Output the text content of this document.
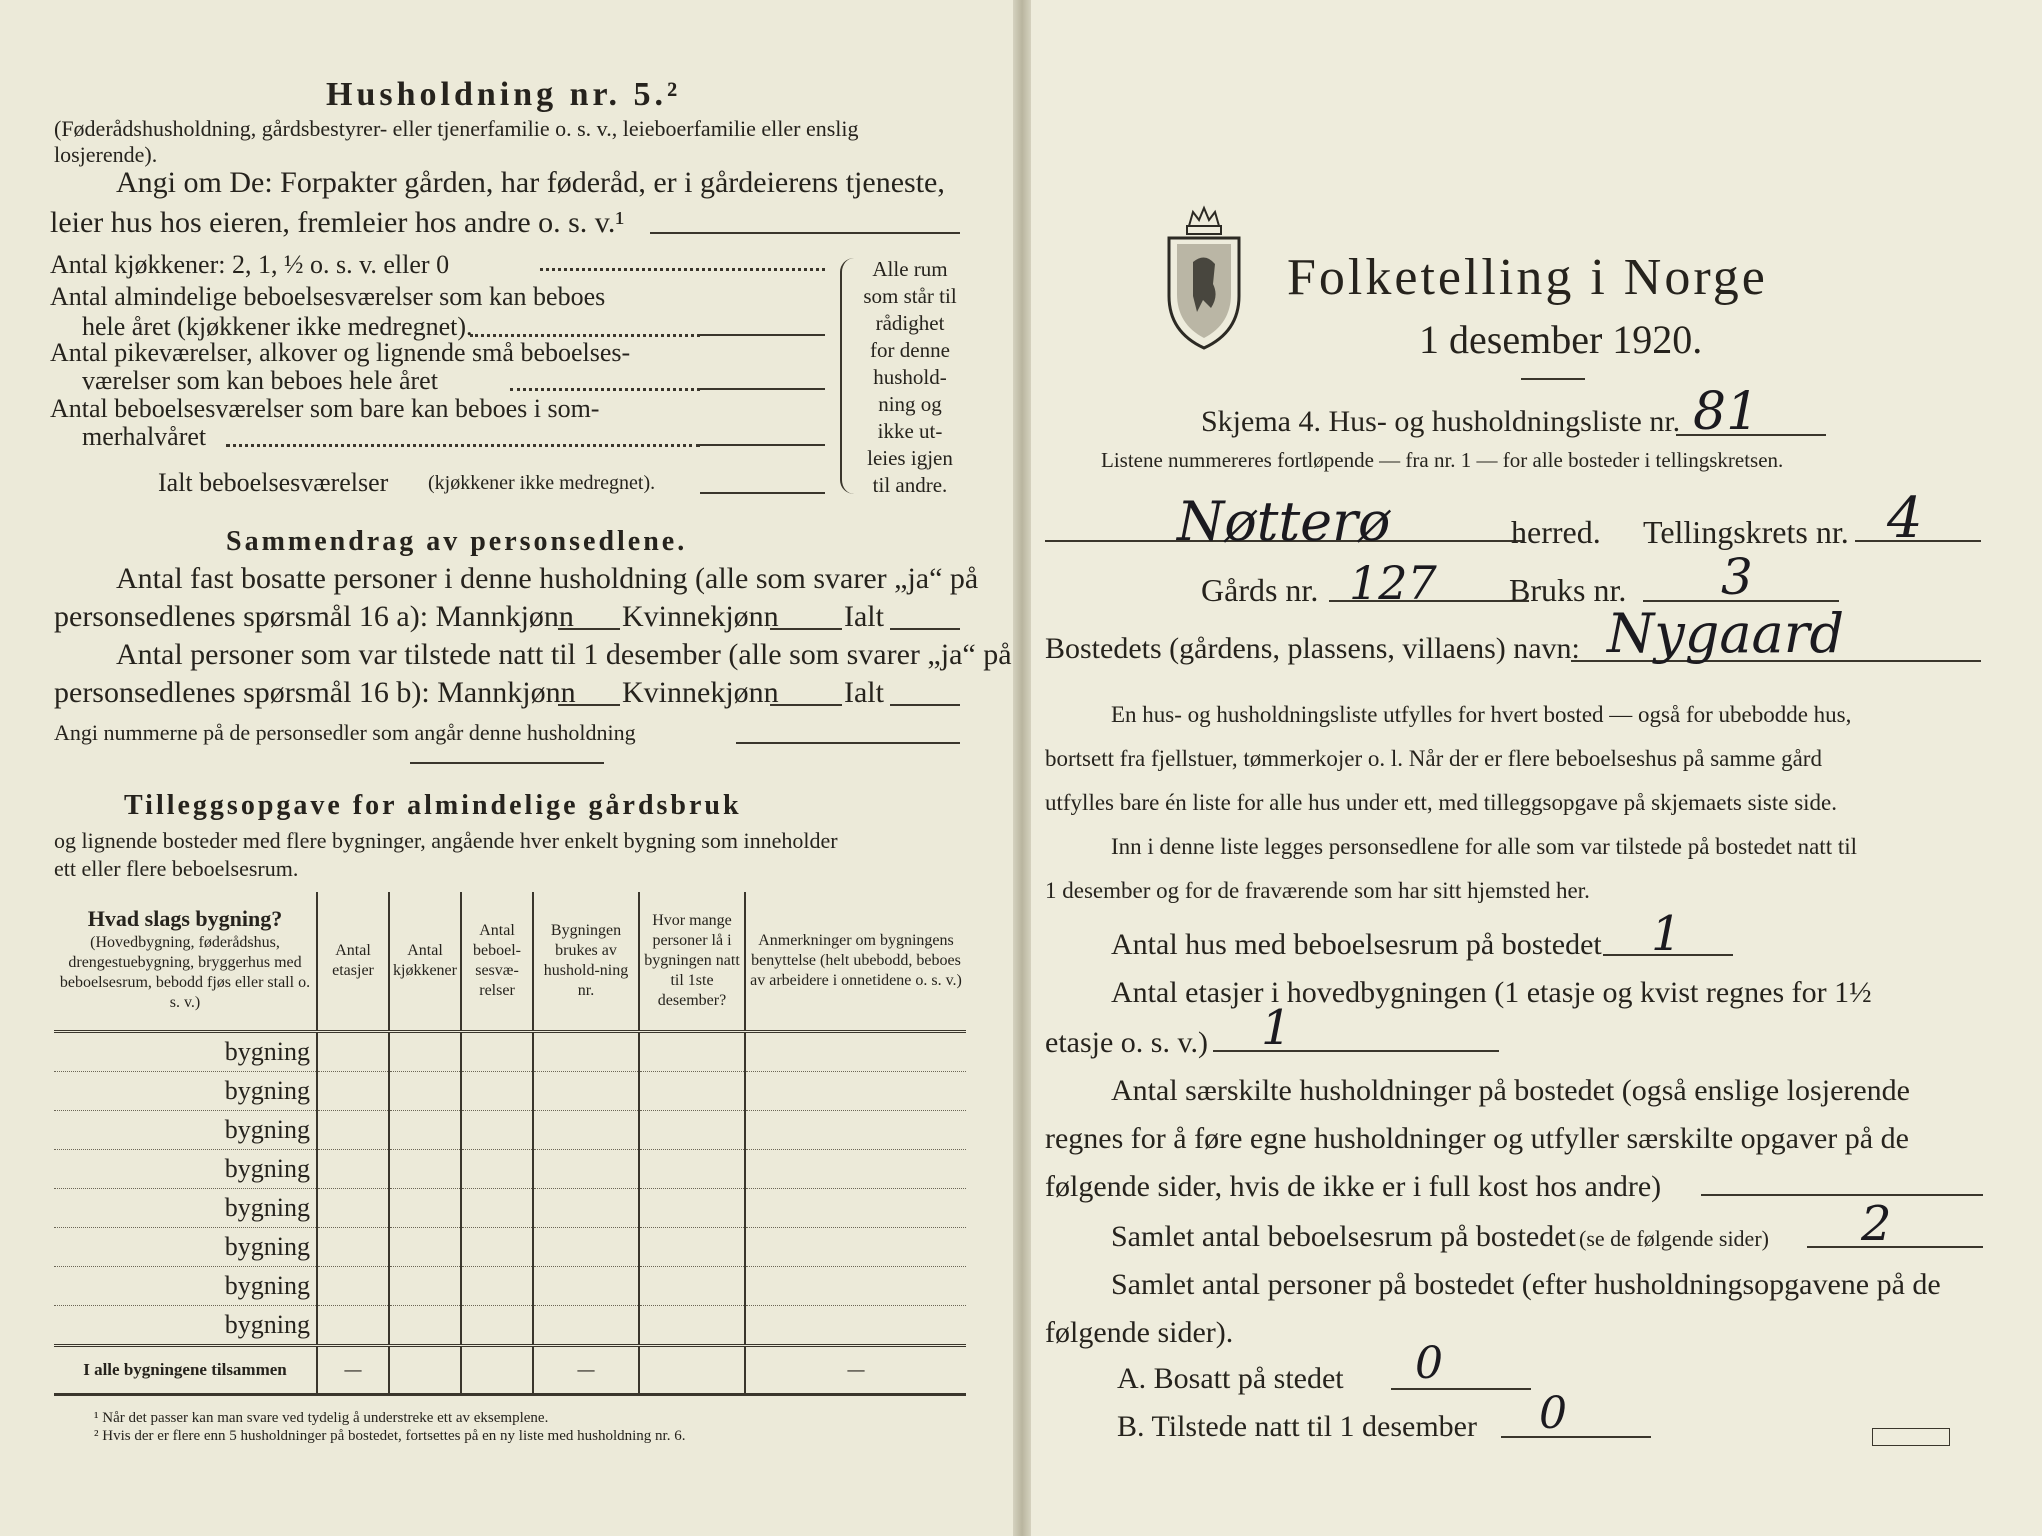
Husholdning nr. 5.²
(Føderådshusholdning, gårdsbestyrer- eller tjenerfamilie o. s. v., leieboerfamilie eller enslig losjerende).
Angi om De: Forpakter gården, har føderåd, er i gårdeierens tjeneste,
leier hus hos eieren, fremleier hos andre o. s. v.¹
Antal kjøkkener: 2, 1, ½ o. s. v. eller 0
Antal almindelige beboelsesværelser som kan beboes
hele året (kjøkkener ikke medregnet).
Antal pikeværelser, alkover og lignende små beboelses-
værelser som kan beboes hele året
Antal beboelsesværelser som bare kan beboes i som-
merhalvåret
Ialt beboelsesværelser (kjøkkener ikke medregnet).
Alle rum
som står til
rådighet
for denne
hushold-
ning og
ikke ut-
leies igjen
til andre.
Sammendrag av personsedlene.
Antal fast bosatte personer i denne husholdning (alle som svarer „ja“ på
personsedlenes spørsmål 16 a): Mannkjønn Kvinnekjønn Ialt
Antal personer som var tilstede natt til 1 desember (alle som svarer „ja“ på
personsedlenes spørsmål 16 b): Mannkjønn Kvinnekjønn Ialt
Angi nummerne på de personsedler som angår denne husholdning
Tilleggsopgave for almindelige gårdsbruk
og lignende bosteder med flere bygninger, angående hver enkelt bygning som inneholder
ett eller flere beboelsesrum.
Hvad slags bygning?
(Hovedbygning, føderådshus, drengestuebygning, bryggerhus med beboelsesrum, bebodd fjøs eller stall o. s. v.)	Antal etasjer	Antal kjøkkener	Antal beboel-sesvæ-relser	Bygningen brukes av hushold-ning nr.	Hvor mange personer lå i bygningen natt til 1ste desember?	Anmerkninger om bygningens benyttelse (helt ubebodd, beboes av arbeidere i onnetidene o. s. v.)
bygning						
bygning						
bygning						
bygning						
bygning						
bygning						
bygning						
bygning						
I alle bygningene tilsammen	—			—		—
¹ Når det passer kan man svare ved tydelig å understreke ett av eksemplene.
² Hvis der er flere enn 5 husholdninger på bostedet, fortsettes på en ny liste med husholdning nr. 6.
Folketelling i Norge
1 desember 1920.
Skjema 4. Hus- og husholdningsliste nr. 81
Listene nummereres fortløpende — fra nr. 1 — for alle bosteder i tellingskretsen.
Nøtterø	herred. Tellingskrets nr. 4
Gårds nr. 127 Bruks nr. 3
Bostedets (gårdens, plassens, villaens) navn: Nygaard
En hus- og husholdningsliste utfylles for hvert bosted — også for ubebodde hus,
bortsett fra fjellstuer, tømmerkojer o. l. Når der er flere beboelseshus på samme gård
utfylles bare én liste for alle hus under ett, med tilleggsopgave på skjemaets siste side.
Inn i denne liste legges personsedlene for alle som var tilstede på bostedet natt til
1 desember og for de fraværende som har sitt hjemsted her.
Antal hus med beboelsesrum på bostedet 1
Antal etasjer i hovedbygningen (1 etasje og kvist regnes for 1½
etasje o. s. v.) 1
Antal særskilte husholdninger på bostedet (også enslige losjerende
regnes for å føre egne husholdninger og utfyller særskilte opgaver på de
følgende sider, hvis de ikke er i full kost hos andre)
Samlet antal beboelsesrum på bostedet (se de følgende sider) 2
Samlet antal personer på bostedet (efter husholdningsopgavene på de
følgende sider).
A. Bosatt på stedet 0
B. Tilstede natt til 1 desember 0
